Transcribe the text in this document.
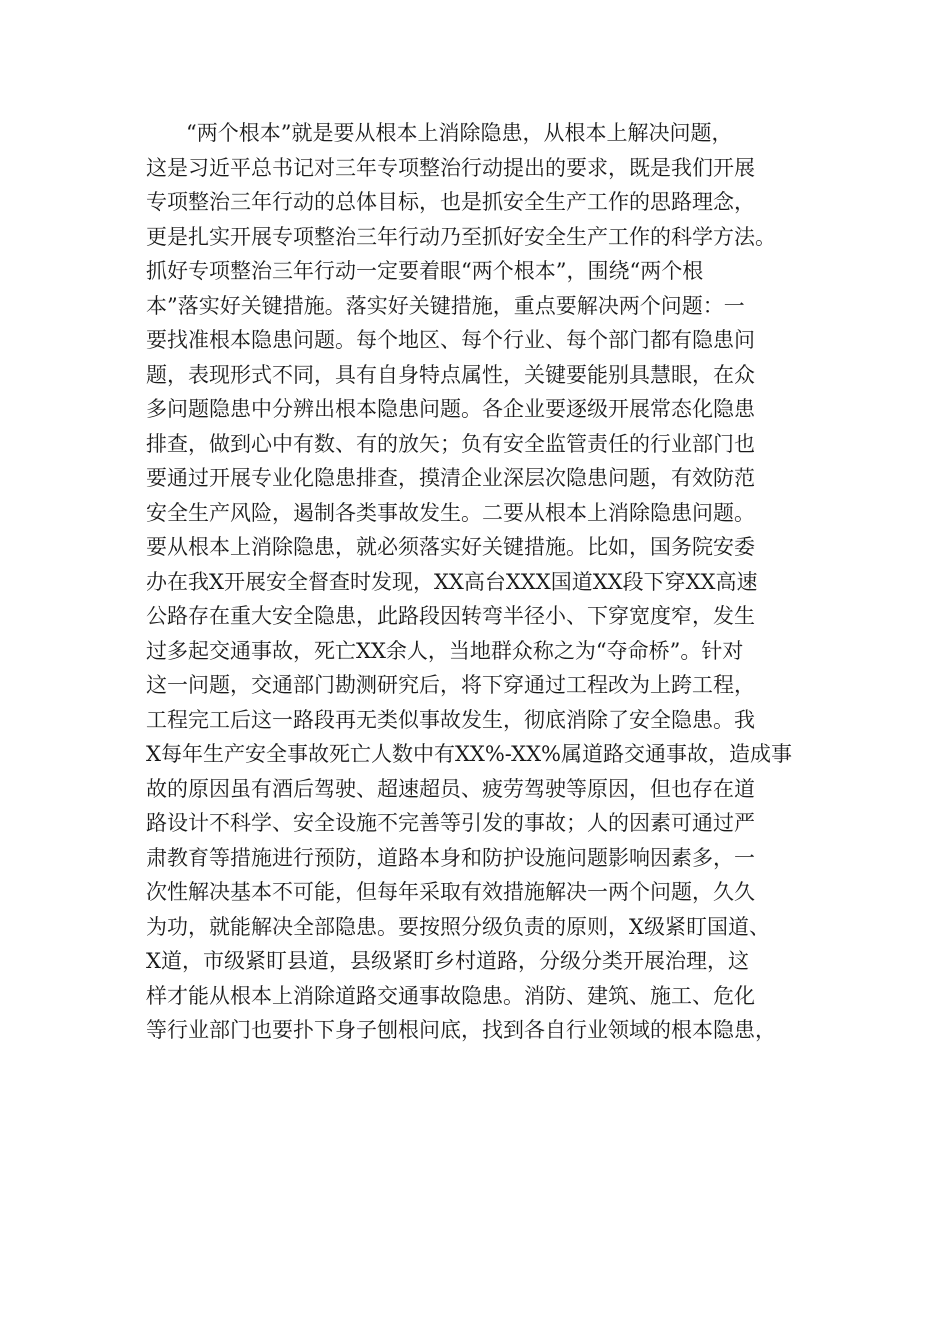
“两个根本”就是要从根本上消除隐患，从根本上解决问题，
这是习近平总书记对三年专项整治行动提出的要求，既是我们开展
专项整治三年行动的总体目标，也是抓安全生产工作的思路理念，
更是扎实开展专项整治三年行动乃至抓好安全生产工作的科学方法。
抓好专项整治三年行动一定要着眼“两个根本”，围绕“两个根
本”落实好关键措施。落实好关键措施，重点要解决两个问题：一
要找准根本隐患问题。每个地区、每个行业、每个部门都有隐患问
题，表现形式不同，具有自身特点属性，关键要能别具慧眼，在众
多问题隐患中分辨出根本隐患问题。各企业要逐级开展常态化隐患
排查，做到心中有数、有的放矢；负有安全监管责任的行业部门也
要通过开展专业化隐患排查，摸清企业深层次隐患问题，有效防范
安全生产风险，遏制各类事故发生。二要从根本上消除隐患问题。
要从根本上消除隐患，就必须落实好关键措施。比如，国务院安委
办在我X开展安全督查时发现，XX高台XXX国道XX段下穿XX高速
公路存在重大安全隐患，此路段因转弯半径小、下穿宽度窄，发生
过多起交通事故，死亡XX余人，当地群众称之为“夺命桥”。针对
这一问题，交通部门勘测研究后，将下穿通过工程改为上跨工程，
工程完工后这一路段再无类似事故发生，彻底消除了安全隐患。我
X每年生产安全事故死亡人数中有XX%-XX%属道路交通事故，造成事
故的原因虽有酒后驾驶、超速超员、疲劳驾驶等原因，但也存在道
路设计不科学、安全设施不完善等引发的事故；人的因素可通过严
肃教育等措施进行预防，道路本身和防护设施问题影响因素多，一
次性解决基本不可能，但每年采取有效措施解决一两个问题，久久
为功，就能解决全部隐患。要按照分级负责的原则，X级紧盯国道、
X道，市级紧盯县道，县级紧盯乡村道路，分级分类开展治理，这
样才能从根本上消除道路交通事故隐患。消防、建筑、施工、危化
等行业部门也要扑下身子刨根问底，找到各自行业领域的根本隐患，
